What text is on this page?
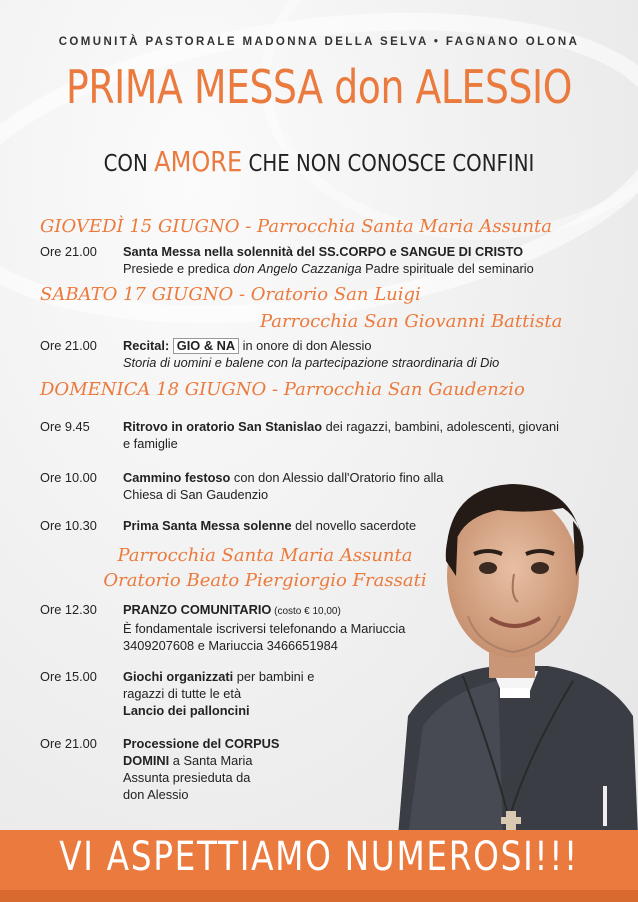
COMUNITÀ PASTORALE MADONNA DELLA SELVA • FAGNANO OLONA
PRIMA MESSA don ALESSIO
CON AMORE CHE NON CONOSCE CONFINI
GIOVEDÌ 15 GIUGNO - Parrocchia Santa Maria Assunta
Ore 21.00	Santa Messa nella solennità del SS.CORPO e SANGUE DI CRISTO
Presiede e predica don Angelo Cazzaniga Padre spirituale del seminario
SABATO 17 GIUGNO - Oratorio San Luigi
Parrocchia San Giovanni Battista
Ore 21.00	Recital: GIO & NA in onore di don Alessio
Storia di uomini e balene con la partecipazione straordinaria di Dio
DOMENICA 18 GIUGNO - Parrocchia San Gaudenzio
Ore 9.45	Ritrovo in oratorio San Stanislao dei ragazzi, bambini, adolescenti, giovani
e famiglie
Ore 10.00	Cammino festoso con don Alessio dall'Oratorio fino alla
Chiesa di San Gaudenzio
Ore 10.30	Prima Santa Messa solenne del novello sacerdote
Parrocchia Santa Maria Assunta
Oratorio Beato Piergiorgio Frassati
Ore 12.30	PRANZO COMUNITARIO (costo € 10,00)
È fondamentale iscriversi telefonando a Mariuccia
3409207608 e Mariuccia 3466651984
Ore 15.00	Giochi organizzati per bambini e
ragazzi di tutte le età
Lancio dei palloncini
Ore 21.00	Processione del CORPUS
DOMINI a Santa Maria
Assunta presieduta da
don Alessio
VI ASPETTIAMO NUMEROSI!!!
